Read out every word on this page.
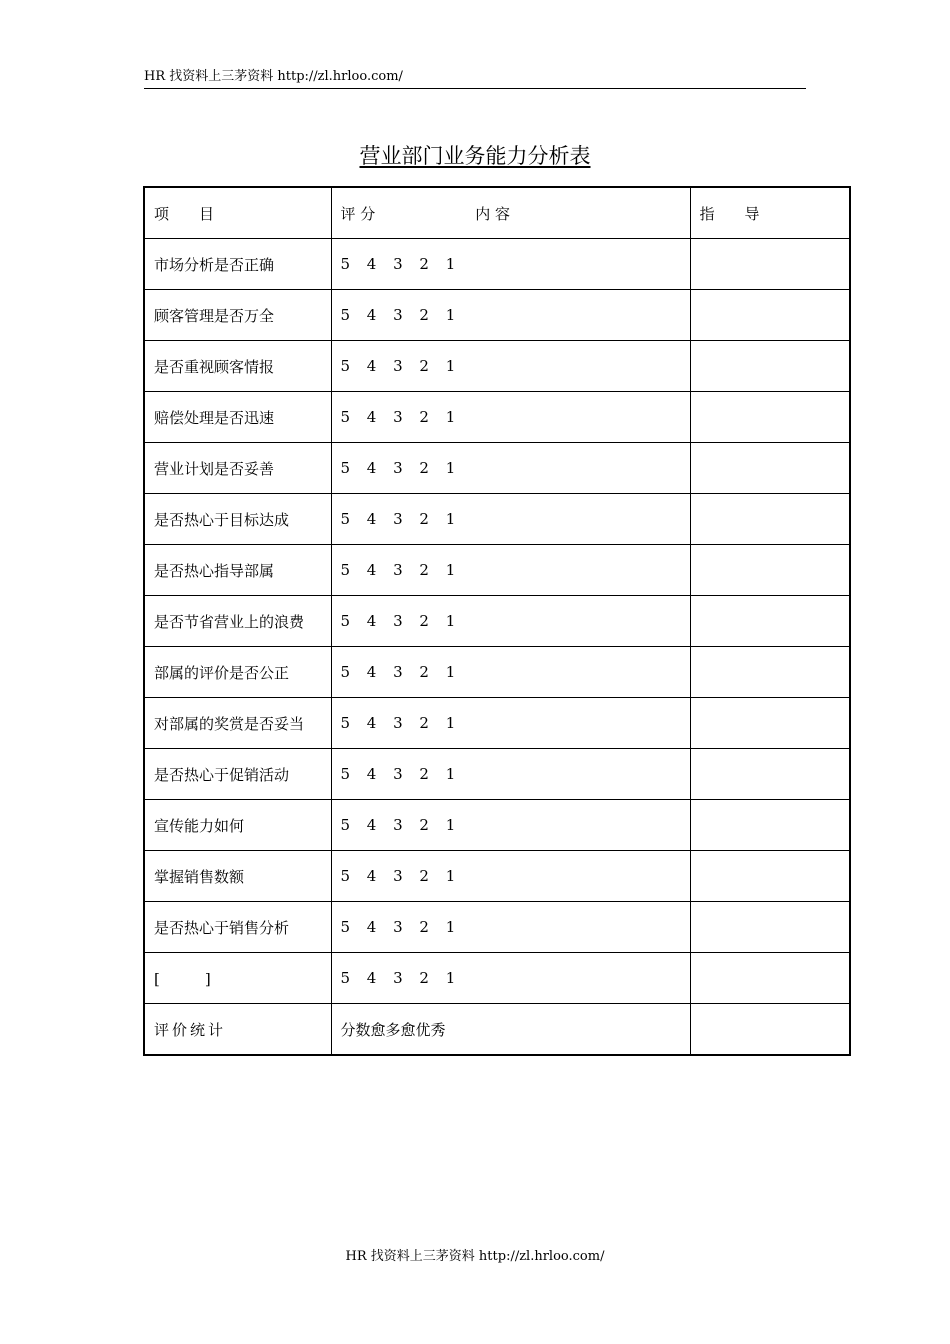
HR 找资料上三茅资料 http://zl.hrloo.com/
营业部门业务能力分析表
项 目	评 分 内 容	指 导
市场分析是否正确	5 4 3 2 1	
顾客管理是否万全	5 4 3 2 1	
是否重视顾客情报	5 4 3 2 1	
赔偿处理是否迅速	5 4 3 2 1	
营业计划是否妥善	5 4 3 2 1	
是否热心于目标达成	5 4 3 2 1	
是否热心指导部属	5 4 3 2 1	
是否节省营业上的浪费	5 4 3 2 1	
部属的评价是否公正	5 4 3 2 1	
对部属的奖赏是否妥当	5 4 3 2 1	
是否热心于促销活动	5 4 3 2 1	
宣传能力如何	5 4 3 2 1	
掌握销售数额	5 4 3 2 1	
是否热心于销售分析	5 4 3 2 1	
[　　　]	5 4 3 2 1	
评价统计	分数愈多愈优秀	
HR 找资料上三茅资料 http://zl.hrloo.com/
